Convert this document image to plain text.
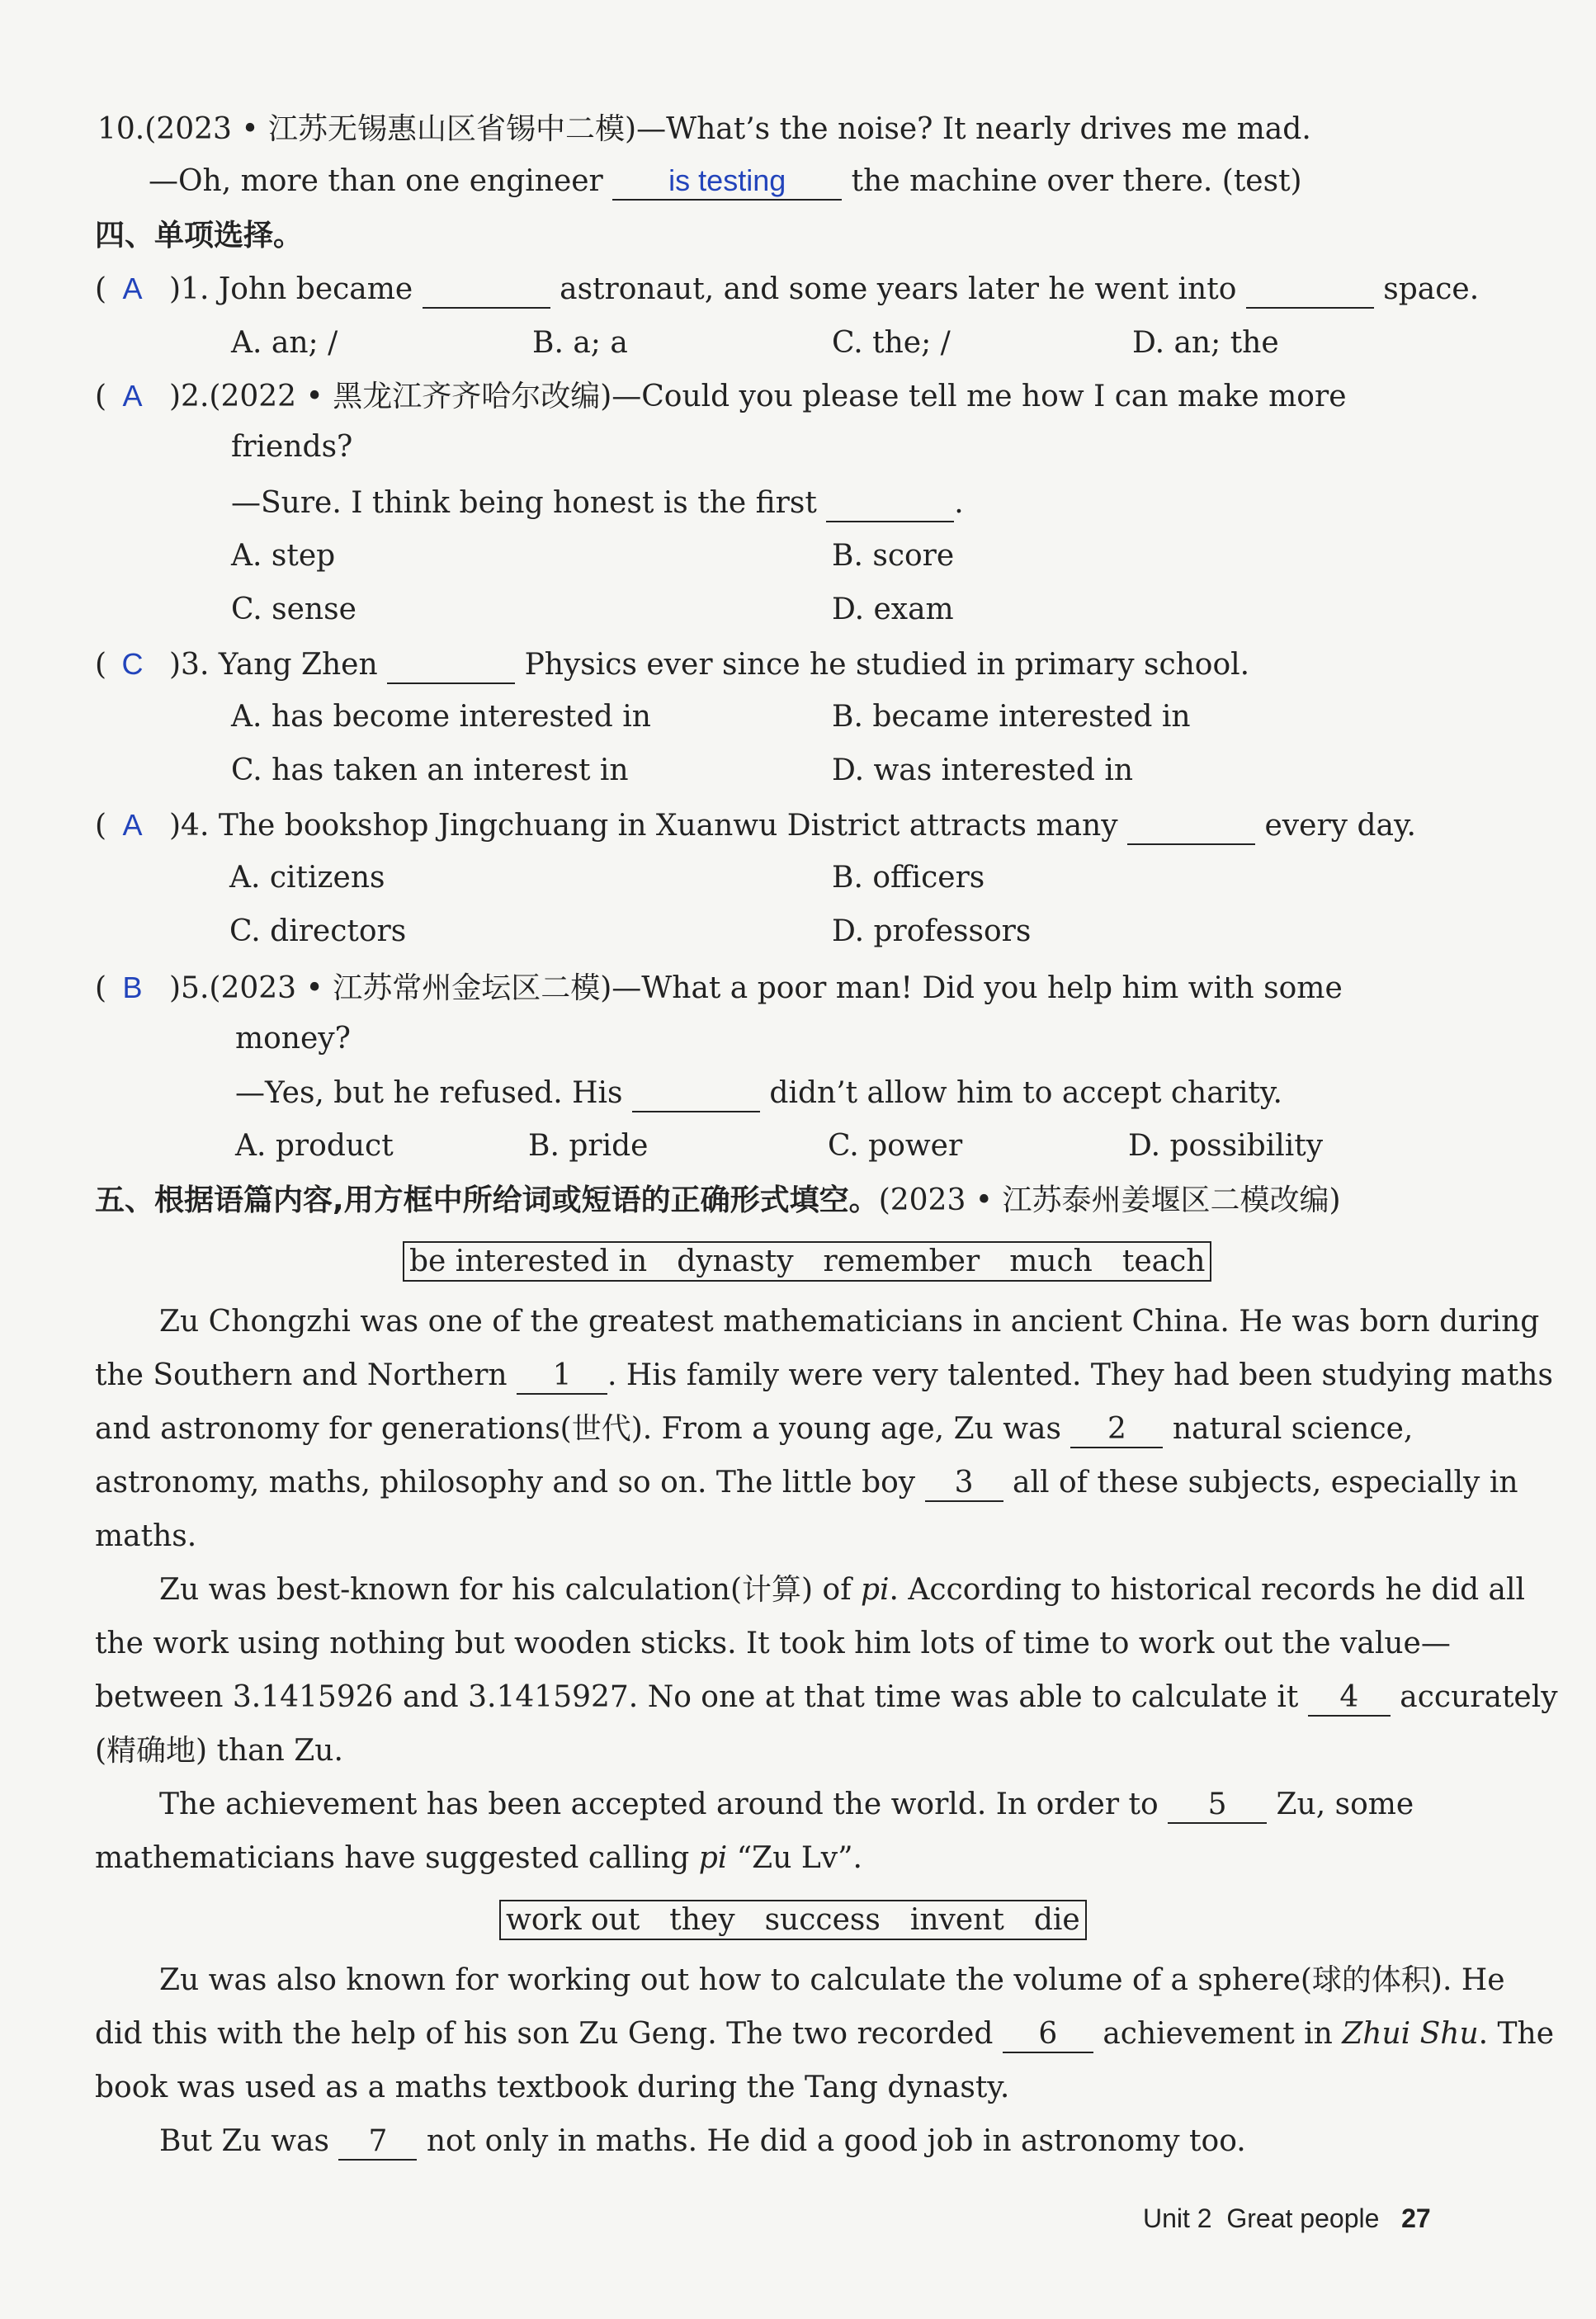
10.(2023 • 江苏无锡惠山区省锡中二模)—What’s the noise? It nearly drives me mad.
—Oh, more than one engineer is testing the machine over there. (test)
四、单项选择。
( A )1. John became	astronaut, and some years later he went into	space.
A. an; /	B. a; a	C. the; /	D. an; the
( A )2.(2022 • 黑龙江齐齐哈尔改编)—Could you please tell me how I can make more
friends?
—Sure. I think being honest is the first	.
A. step	B. score
C. sense	D. exam
( C )3. Yang Zhen	Physics ever since he studied in primary school.
A. has become interested in	B. became interested in
C. has taken an interest in	D. was interested in
( A )4. The bookshop Jingchuang in Xuanwu District attracts many	every day.
A. citizens	B. officers
C. directors	D. professors
( B )5.(2023 • 江苏常州金坛区二模)—What a poor man! Did you help him with some
money?
—Yes, but he refused. His	didn’t allow him to accept charity.
A. product	B. pride	C. power	D. possibility
五、根据语篇内容,用方框中所给词或短语的正确形式填空。(2023 • 江苏泰州姜堰区二模改编)
be interested in dynasty remember much teach
Zu Chongzhi was one of the greatest mathematicians in ancient China. He was born during
the Southern and Northern 1 . His family were very talented. They had been studying maths
and astronomy for generations(世代). From a young age, Zu was 2 natural science,
astronomy, maths, philosophy and so on. The little boy 3 all of these subjects, especially in
maths.
Zu was best-known for his calculation(计算) of pi. According to historical records he did all
the work using nothing but wooden sticks. It took him lots of time to work out the value—
between 3.1415926 and 3.1415927. No one at that time was able to calculate it 4 accurately
(精确地) than Zu.
The achievement has been accepted around the world. In order to 5 Zu, some
mathematicians have suggested calling pi “Zu Lv”.
work out they success invent die
Zu was also known for working out how to calculate the volume of a sphere(球的体积). He
did this with the help of his son Zu Geng. The two recorded 6 achievement in Zhui Shu. The
book was used as a maths textbook during the Tang dynasty.
But Zu was 7 not only in maths. He did a good job in astronomy too.
Unit 2 Great people 27
